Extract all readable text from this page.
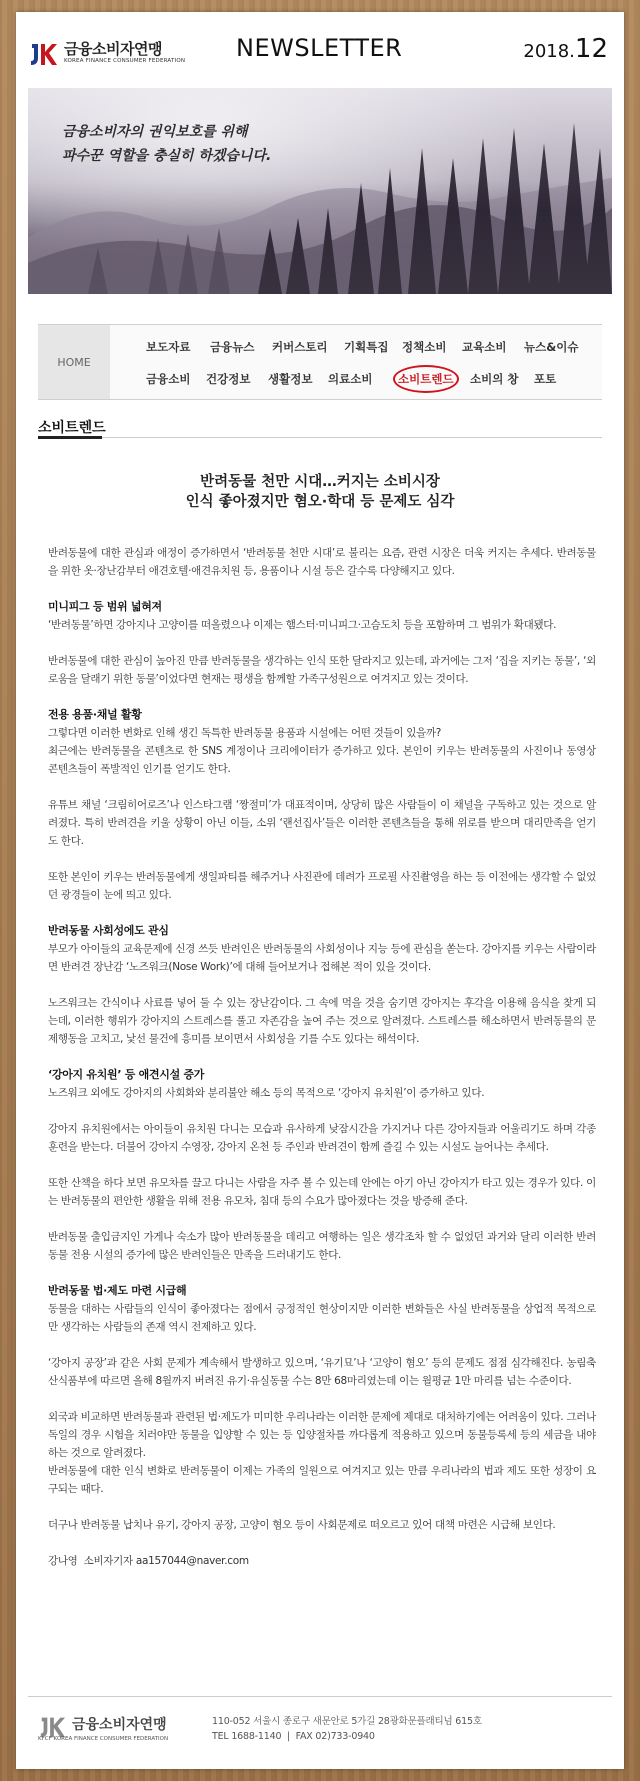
금융소비자연맹
KOREA FINANCE CONSUMER FEDERATION NEWSLETTER	2018.12
금융소비자의 권익보호를 위해
파수꾼 역할을 충실히 하겠습니다.
HOME
보도자료 금융뉴스 커버스토리 기획특집 정책소비 교육소비 뉴스&이슈
금융소비 건강정보 생활정보 의료소비 소비트렌드 소비의 창 포토
소비트렌드
반려동물 천만 시대…커지는 소비시장
인식 좋아졌지만 혐오·학대 등 문제도 심각

반려동물에 대한 관심과 애정이 증가하면서 ‘반려동물 천만 시대’로 불리는 요즘, 관련 시장은 더욱 커지는 추세다. 반려동물을 위한 옷·장난감부터 애견호텔·애견유치원 등, 용품이나 시설 등은 갈수록 다양해지고 있다.

미니피그 등 범위 넓혀져

‘반려동물’하면 강아지나 고양이를 떠올렸으나 이제는 햄스터·미니피그·고슴도치 등을 포함하며 그 범위가 확대됐다.

반려동물에 대한 관심이 높아진 만큼 반려동물을 생각하는 인식 또한 달라지고 있는데, 과거에는 그저 ‘집을 지키는 동물’, ‘외로움을 달래기 위한 동물’이었다면 현재는 평생을 함께할 가족구성원으로 여겨지고 있는 것이다.

전용 용품·채널 활황

그렇다면 이러한 변화로 인해 생긴 독특한 반려동물 용품과 시설에는 어떤 것들이 있을까?

최근에는 반려동물을 콘텐츠로 한 SNS 계정이나 크리에이터가 증가하고 있다. 본인이 키우는 반려동물의 사진이나 동영상 콘텐츠들이 폭발적인 인기를 얻기도 한다.

유튜브 채널 ‘크림히어로즈’나 인스타그램 ‘짱절미’가 대표적이며, 상당히 많은 사람들이 이 채널을 구독하고 있는 것으로 알려졌다. 특히 반려견을 키울 상황이 아닌 이들, 소위 ‘랜선집사’들은 이러한 콘텐츠들을 통해 위로를 받으며 대리만족을 얻기도 한다.

또한 본인이 키우는 반려동물에게 생일파티를 해주거나 사진관에 데려가 프로필 사진촬영을 하는 등 이전에는 생각할 수 없었던 광경들이 눈에 띄고 있다.

반려동물 사회성에도 관심

부모가 아이들의 교육문제에 신경 쓰듯 반려인은 반려동물의 사회성이나 지능 등에 관심을 쏟는다. 강아지를 키우는 사람이라면 반려견 장난감 ‘노즈워크(Nose Work)’에 대해 들어보거나 접해본 적이 있을 것이다.

노즈워크는 간식이나 사료를 넣어 둘 수 있는 장난감이다. 그 속에 먹을 것을 숨기면 강아지는 후각을 이용해 음식을 찾게 되는데, 이러한 행위가 강아지의 스트레스를 풀고 자존감을 높여 주는 것으로 알려졌다. 스트레스를 해소하면서 반려동물의 문제행동을 고치고, 낯선 물건에 흥미를 보이면서 사회성을 기를 수도 있다는 해석이다.

‘강아지 유치원’ 등 애견시설 증가

노즈워크 외에도 강아지의 사회화와 분리불안 해소 등의 목적으로 ‘강아지 유치원’이 증가하고 있다.

강아지 유치원에서는 아이들이 유치원 다니는 모습과 유사하게 낮잠시간을 가지거나 다른 강아지들과 어울리기도 하며 각종 훈련을 받는다. 더불어 강아지 수영장, 강아지 온천 등 주인과 반려견이 함께 즐길 수 있는 시설도 늘어나는 추세다.

또한 산책을 하다 보면 유모차를 끌고 다니는 사람을 자주 볼 수 있는데 안에는 아기 아닌 강아지가 타고 있는 경우가 있다. 이는 반려동물의 편안한 생활을 위해 전용 유모차, 침대 등의 수요가 많아졌다는 것을 방증해 준다.

반려동물 출입금지인 가게나 숙소가 많아 반려동물을 데리고 여행하는 일은 생각조차 할 수 없었던 과거와 달리 이러한 반려동물 전용 시설의 증가에 많은 반려인들은 만족을 드러내기도 한다.

반려동물 법·제도 마련 시급해

동물을 대하는 사람들의 인식이 좋아졌다는 점에서 긍정적인 현상이지만 이러한 변화들은 사실 반려동물을 상업적 목적으로만 생각하는 사람들의 존재 역시 전제하고 있다.

‘강아지 공장’과 같은 사회 문제가 계속해서 발생하고 있으며, ‘유기묘’나 ‘고양이 혐오’ 등의 문제도 점점 심각해진다. 농림축산식품부에 따르면 올해 8월까지 버려진 유기·유실동물 수는 8만 68마리였는데 이는 월평균 1만 마리를 넘는 수준이다.

외국과 비교하면 반려동물과 관련된 법·제도가 미미한 우리나라는 이러한 문제에 제대로 대처하기에는 어려움이 있다. 그러나 독일의 경우 시험을 치러야만 동물을 입양할 수 있는 등 입양절차를 까다롭게 적용하고 있으며 동물등록세 등의 세금을 내야 하는 것으로 알려졌다.

반려동물에 대한 인식 변화로 반려동물이 이제는 가족의 일원으로 여겨지고 있는 만큼 우리나라의 법과 제도 또한 성장이 요구되는 때다.

더구나 반려동물 납치나 유기, 강아지 공장, 고양이 혐오 등이 사회문제로 떠오르고 있어 대책 마련은 시급해 보인다.

강나영  소비자기자 aa157044@naver.com

금융소비자연맹
KFCF KOREA FINANCE CONSUMER FEDERATION
110-052 서울시 종로구 새문안로 5가길 28광화문플래티넘 615호
TEL 1688-1140  |  FAX 02)733-0940
